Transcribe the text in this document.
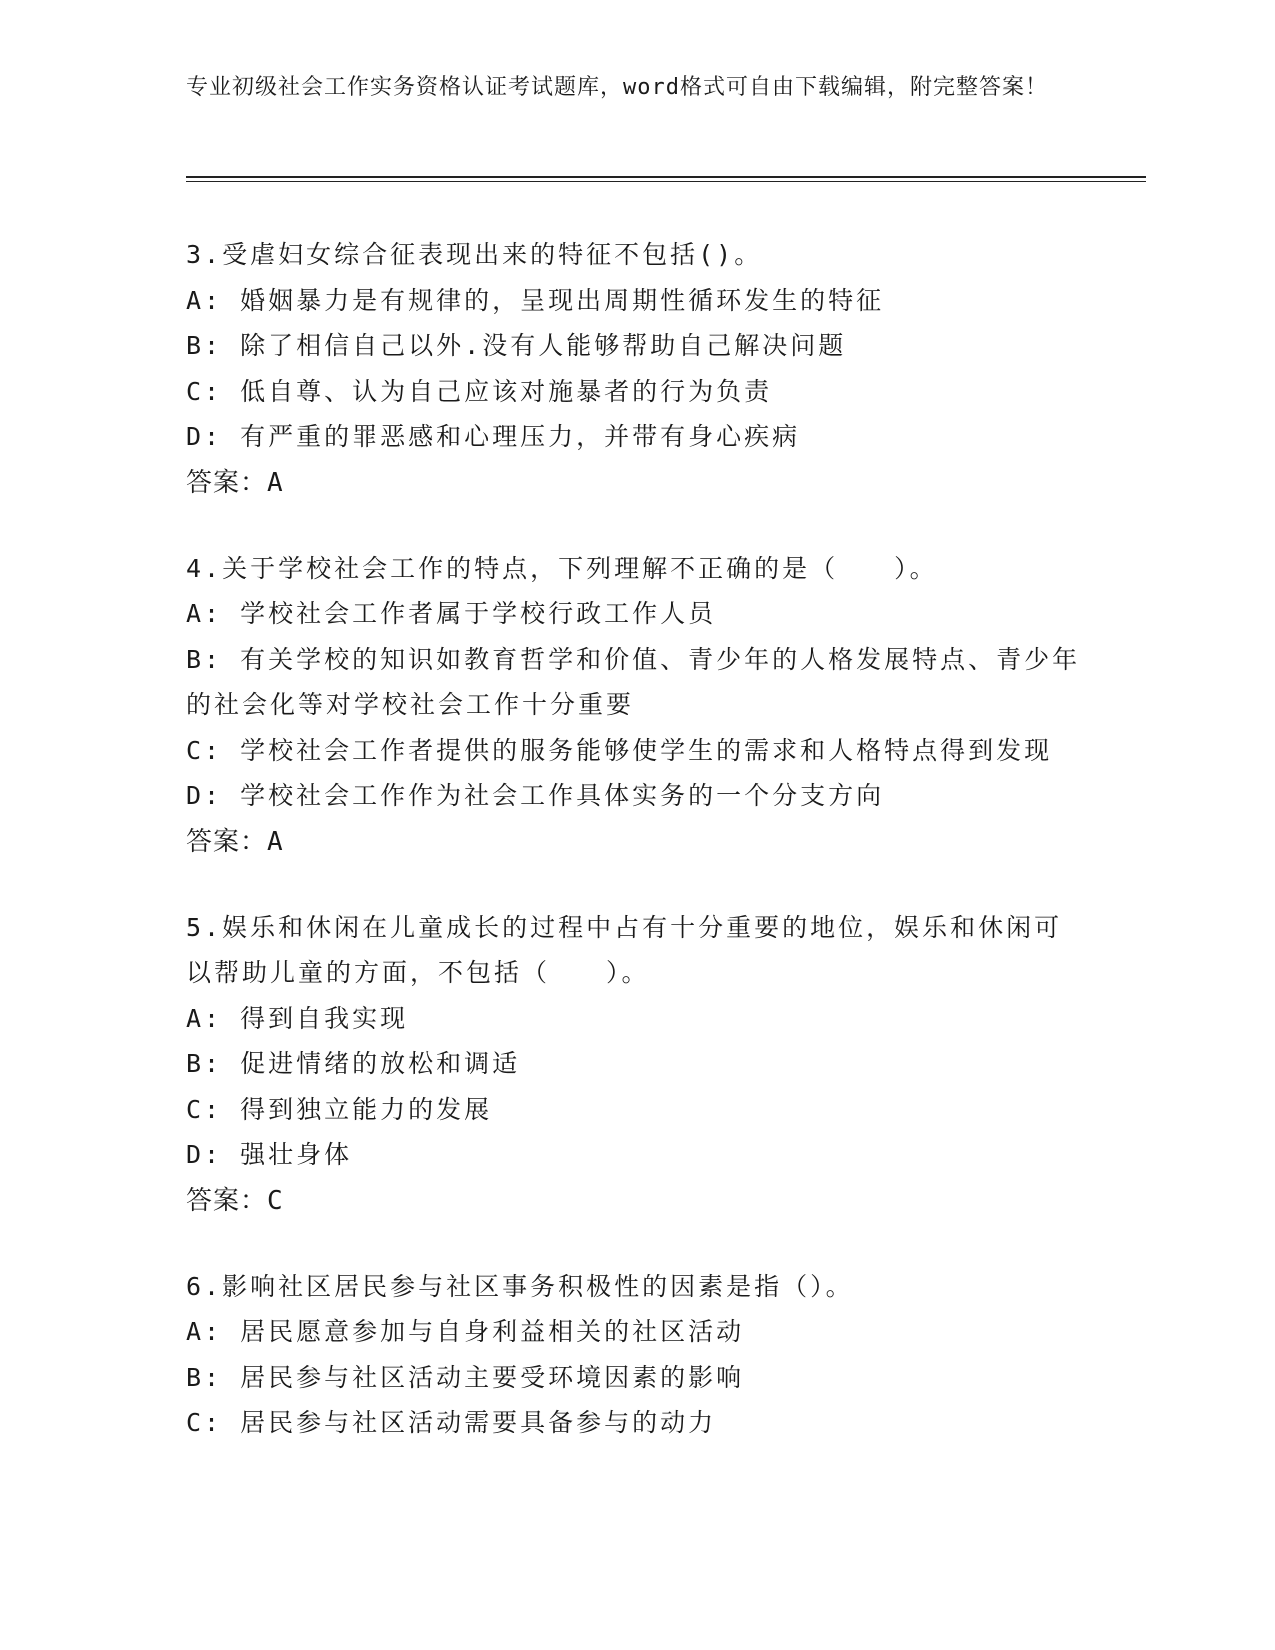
专业初级社会工作实务资格认证考试题库，word格式可自由下载编辑，附完整答案！
3.受虐妇女综合征表现出来的特征不包括()。
A: 婚姻暴力是有规律的，呈现出周期性循环发生的特征
B: 除了相信自己以外.没有人能够帮助自己解决问题
C: 低自尊、认为自己应该对施暴者的行为负责
D: 有严重的罪恶感和心理压力，并带有身心疾病
答案：A
4.关于学校社会工作的特点，下列理解不正确的是（　　）。
A: 学校社会工作者属于学校行政工作人员
B: 有关学校的知识如教育哲学和价值、青少年的人格发展特点、青少年的社会化等对学校社会工作十分重要
C: 学校社会工作者提供的服务能够使学生的需求和人格特点得到发现
D: 学校社会工作作为社会工作具体实务的一个分支方向
答案：A
5.娱乐和休闲在儿童成长的过程中占有十分重要的地位，娱乐和休闲可以帮助儿童的方面，不包括（　　）。
A: 得到自我实现
B: 促进情绪的放松和调适
C: 得到独立能力的发展
D: 强壮身体
答案：C
6.影响社区居民参与社区事务积极性的因素是指（）。
A: 居民愿意参加与自身利益相关的社区活动
B: 居民参与社区活动主要受环境因素的影响
C: 居民参与社区活动需要具备参与的动力
